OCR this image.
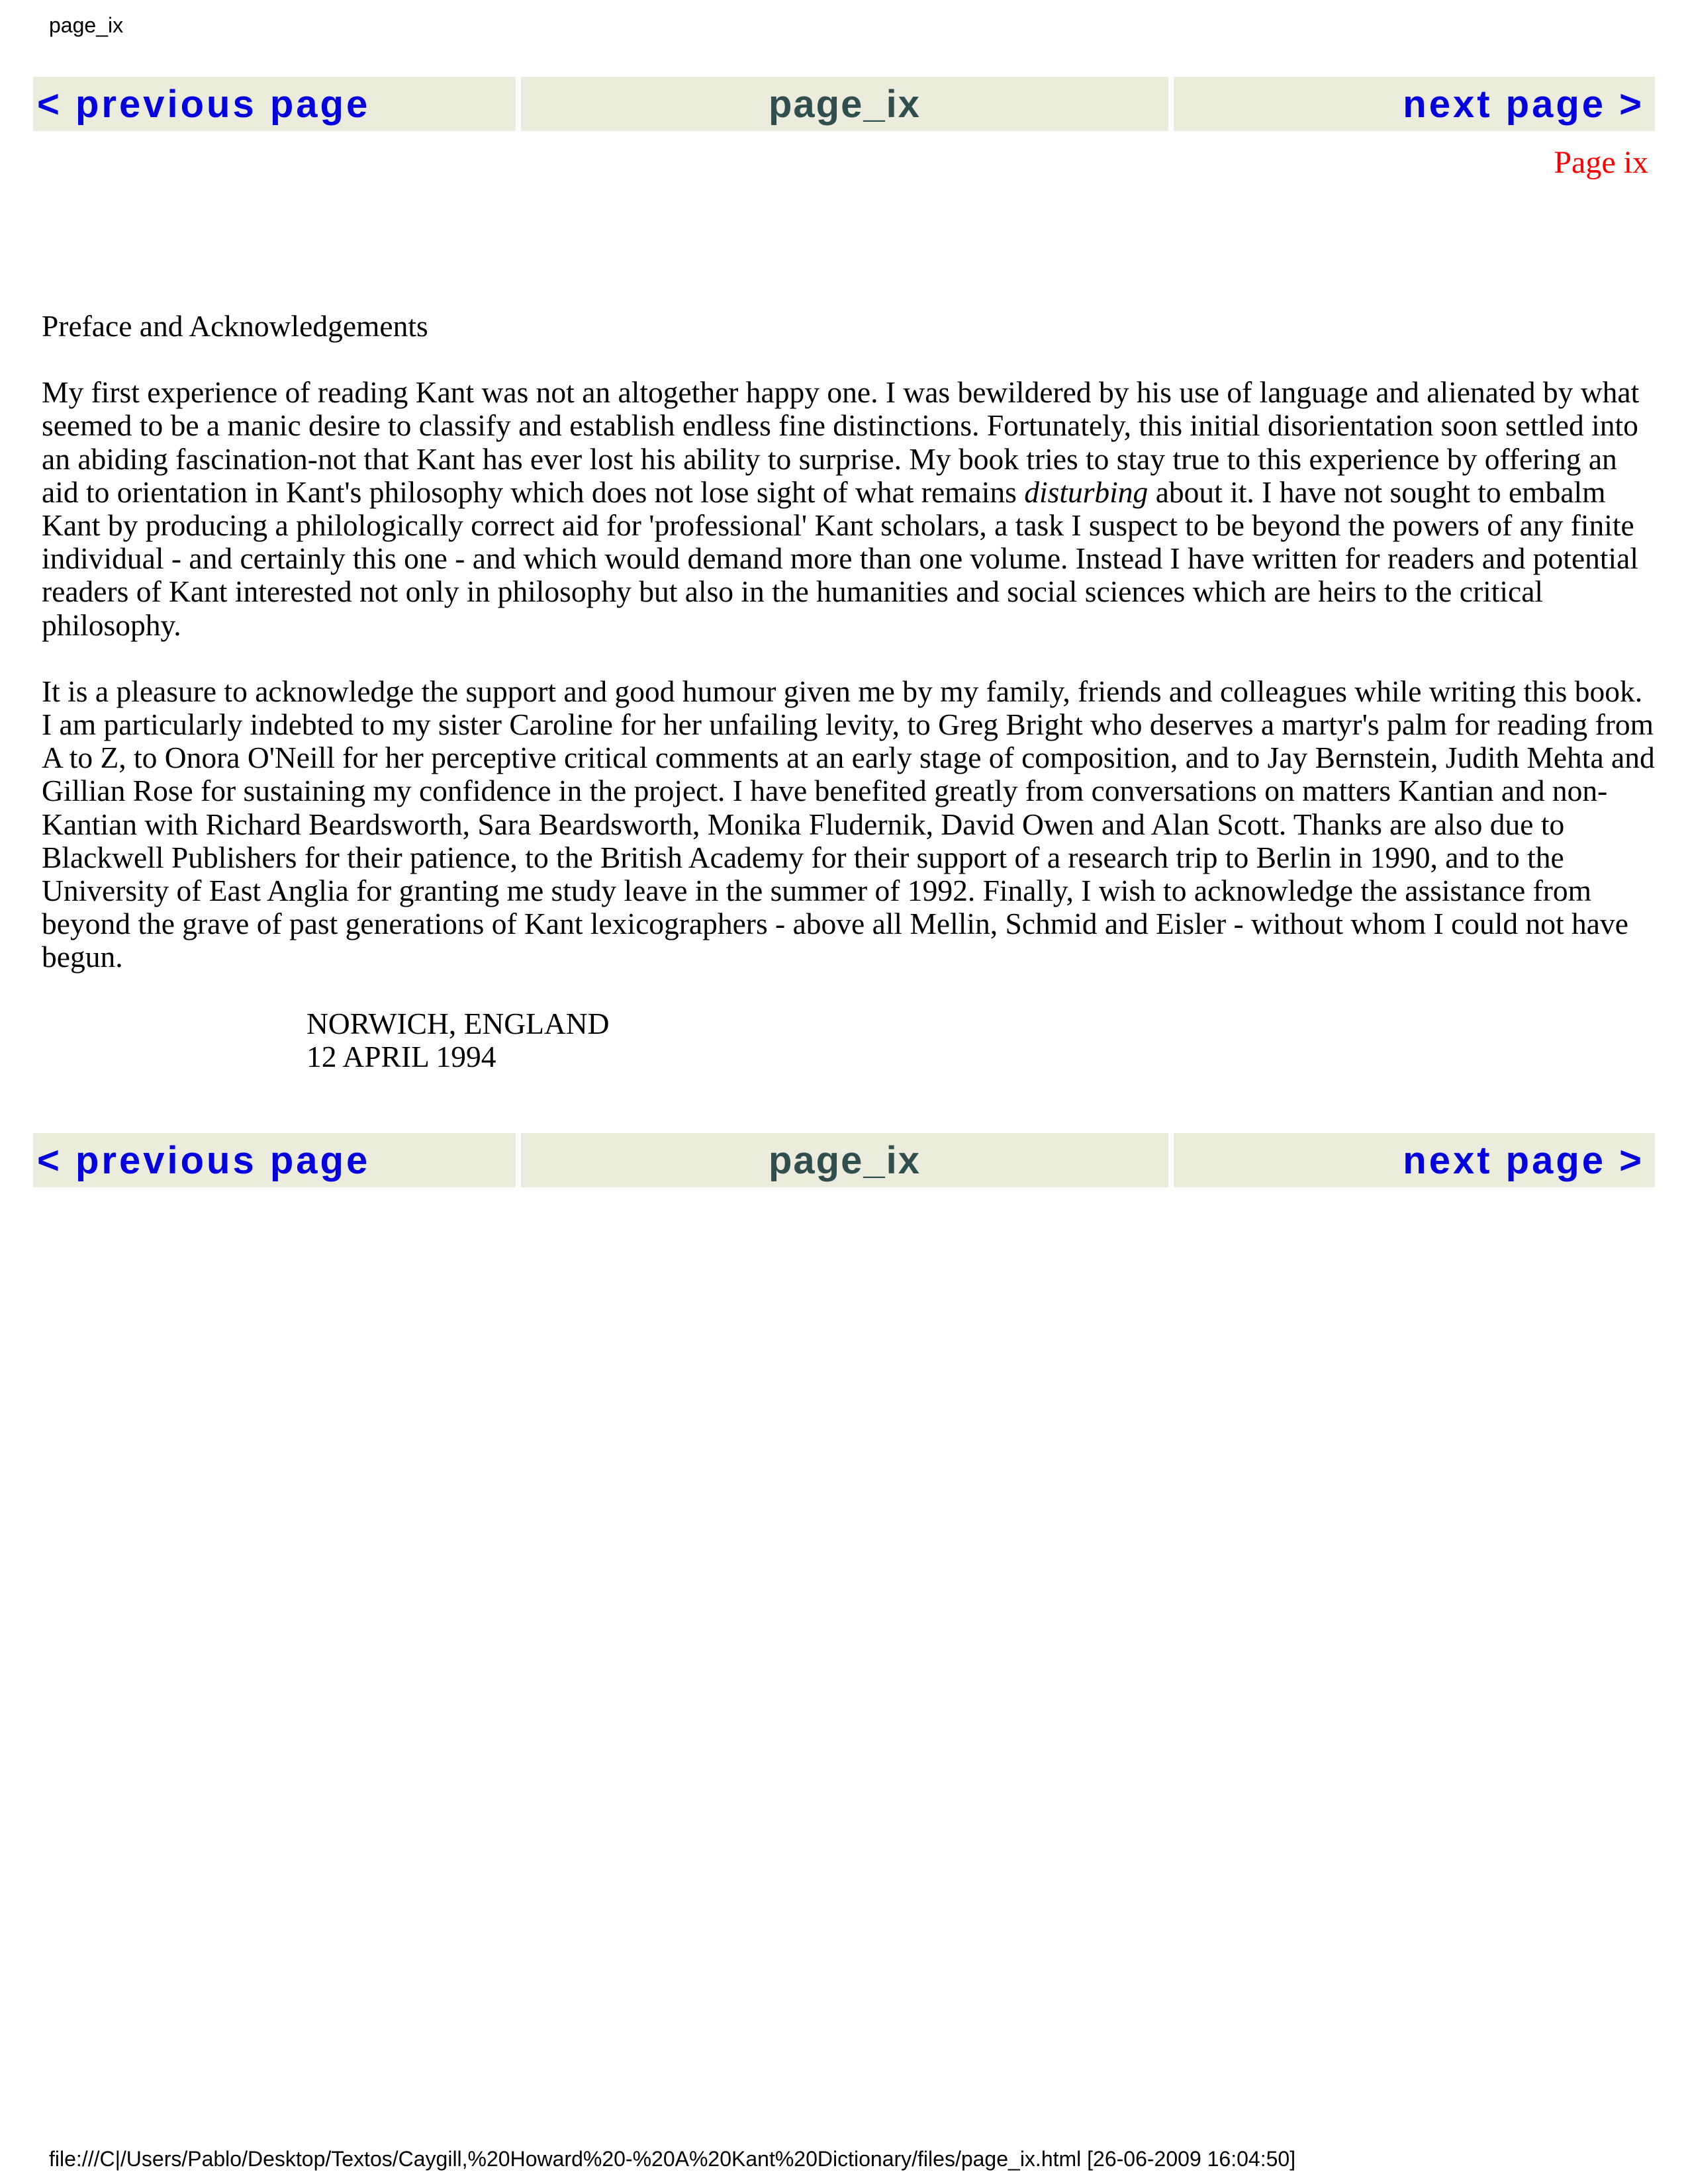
page_ix
< previous page	page_ix	next page >
Page ix

Preface and Acknowledgements

My first experience of reading Kant was not an altogether happy one. I was bewildered by his use of language and alienated by what seemed to be a manic desire to classify and establish endless fine distinctions. Fortunately, this initial disorientation soon settled into an abiding fascination-not that Kant has ever lost his ability to surprise. My book tries to stay true to this experience by offering an aid to orientation in Kant's philosophy which does not lose sight of what remains disturbing about it. I have not sought to embalm Kant by producing a philologically correct aid for 'professional' Kant scholars, a task I suspect to be beyond the powers of any finite individual - and certainly this one - and which would demand more than one volume. Instead I have written for readers and potential readers of Kant interested not only in philosophy but also in the humanities and social sciences which are heirs to the critical philosophy.

It is a pleasure to acknowledge the support and good humour given me by my family, friends and colleagues while writing this book. I am particularly indebted to my sister Caroline for her unfailing levity, to Greg Bright who deserves a martyr's palm for reading from A to Z, to Onora O'Neill for her perceptive critical comments at an early stage of composition, and to Jay Bernstein, Judith Mehta and Gillian Rose for sustaining my confidence in the project. I have benefited greatly from conversations on matters Kantian and non-Kantian with Richard Beardsworth, Sara Beardsworth, Monika Fludernik, David Owen and Alan Scott. Thanks are also due to Blackwell Publishers for their patience, to the British Academy for their support of a research trip to Berlin in 1990, and to the University of East Anglia for granting me study leave in the summer of 1992. Finally, I wish to acknowledge the assistance from beyond the grave of past generations of Kant lexicographers - above all Mellin, Schmid and Eisler - without whom I could not have begun.

NORWICH, ENGLAND
12 APRIL 1994
< previous page	page_ix	next page >
file:///C|/Users/Pablo/Desktop/Textos/Caygill,%20Howard%20-%20A%20Kant%20Dictionary/files/page_ix.html [26-06-2009 16:04:50]
